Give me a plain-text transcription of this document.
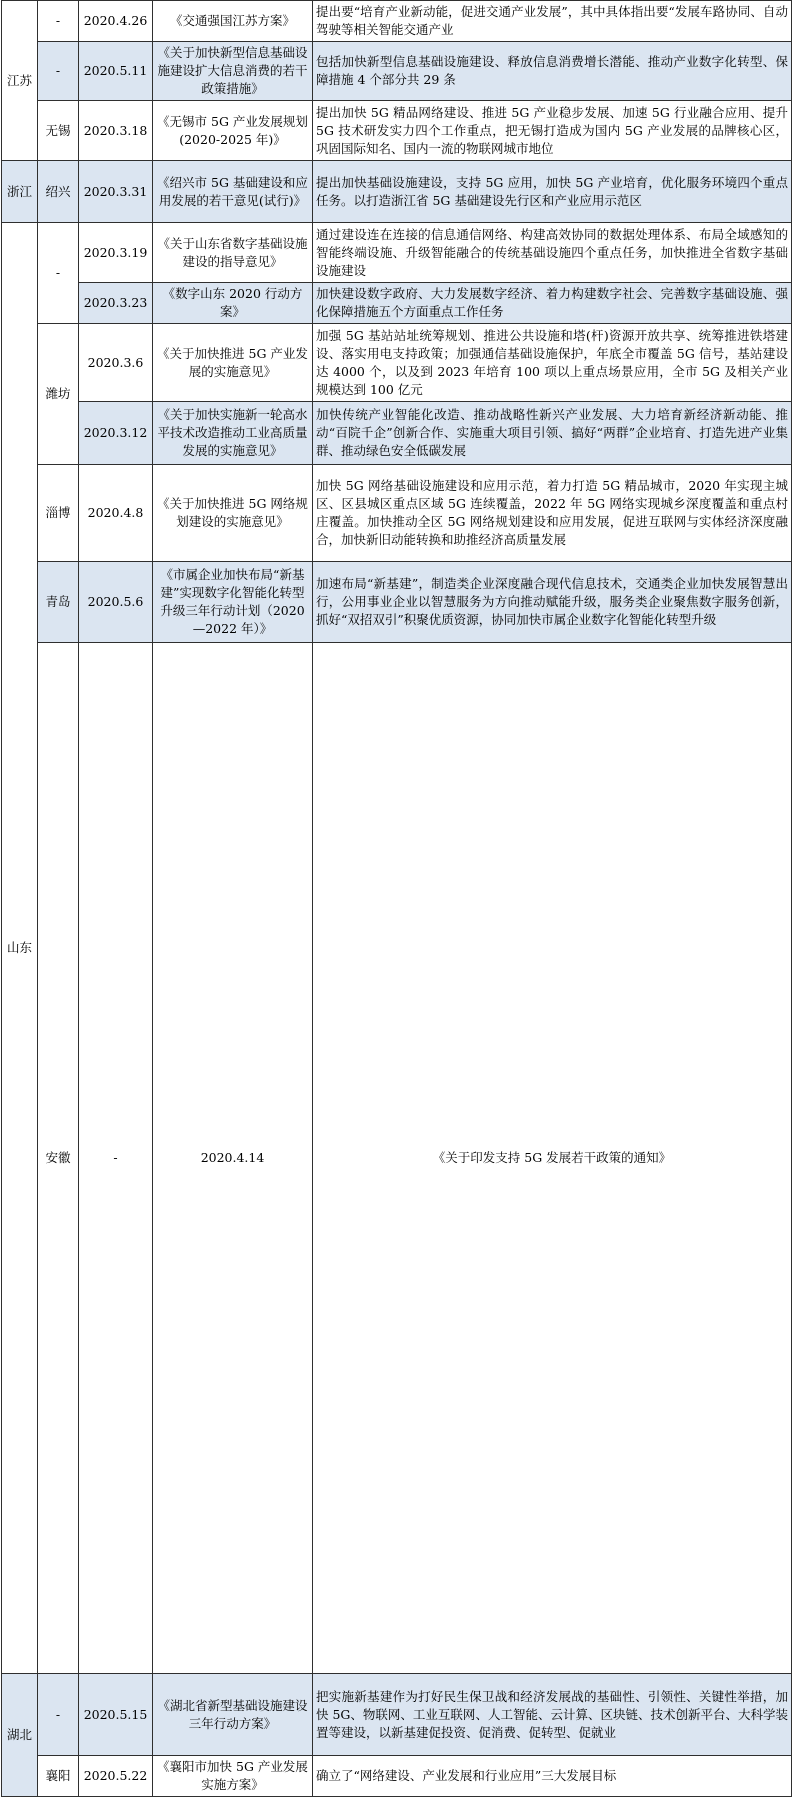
江苏	-	2020.4.26	《交通强国江苏方案》	提出要“培育产业新动能，促进交通产业发展”，其中具体指出要“发展车路协同、自动驾驶等相关智能交通产业	
	-	2020.5.11	《关于加快新型信息基础设施建设扩大信息消费的若干政策措施》	包括加快新型信息基础设施建设、释放信息消费增长潜能、推动产业数字化转型、保障措施 4 个部分共 29 条	
	无锡	2020.3.18	《无锡市 5G 产业发展规划(2020-2025 年)》	提出加快 5G 精品网络建设、推进 5G 产业稳步发展、加速 5G 行业融合应用、提升 5G 技术研发实力四个工作重点，把无锡打造成为国内 5G 产业发展的品牌核心区，巩固国际知名、国内一流的物联网城市地位	
浙江	绍兴	2020.3.31	《绍兴市 5G 基础建设和应用发展的若干意见(试行)》	提出加快基础设施建设，支持 5G 应用，加快 5G 产业培育，优化服务环境四个重点任务。以打造浙江省 5G 基础建设先行区和产业应用示范区	
山东	-	2020.3.19	《关于山东省数字基础设施建设的指导意见》	通过建设连在连接的信息通信网络、构建高效协同的数据处理体系、布局全域感知的智能终端设施、升级智能融合的传统基础设施四个重点任务，加快推进全省数字基础设施建设	
		2020.3.23	《数字山东 2020 行动方案》	加快建设数字政府、大力发展数字经济、着力构建数字社会、完善数字基础设施、强化保障措施五个方面重点工作任务	
	潍坊	2020.3.6	《关于加快推进 5G 产业发展的实施意见》	加强 5G 基站站址统筹规划、推进公共设施和塔(杆)资源开放共享、统筹推进铁塔建设、落实用电支持政策；加强通信基础设施保护，年底全市覆盖 5G 信号，基站建设达 4000 个，以及到 2023 年培育 100 项以上重点场景应用，全市 5G 及相关产业规模达到 100 亿元	
		2020.3.12	《关于加快实施新一轮高水平技术改造推动工业高质量发展的实施意见》	加快传统产业智能化改造、推动战略性新兴产业发展、大力培育新经济新动能、推动“百院千企”创新合作、实施重大项目引领、搞好“两群”企业培育、打造先进产业集群、推动绿色安全低碳发展	
	淄博	2020.4.8	《关于加快推进 5G 网络规划建设的实施意见》	加快 5G 网络基础设施建设和应用示范，着力打造 5G 精品城市，2020 年实现主城区、区县城区重点区域 5G 连续覆盖，2022 年 5G 网络实现城乡深度覆盖和重点村庄覆盖。加快推动全区 5G 网络规划建设和应用发展，促进互联网与实体经济深度融合，加快新旧动能转换和助推经济高质量发展	
	青岛	2020.5.6	《市属企业加快布局“新基建”实现数字化智能化转型升级三年行动计划（2020—2022 年）》	加速布局“新基建”，制造类企业深度融合现代信息技术，交通类企业加快发展智慧出行，公用事业企业以智慧服务为方向推动赋能升级，服务类企业聚焦数字服务创新，抓好“双招双引”积聚优质资源，协同加快市属企业数字化智能化转型升级	
	安徽	-	2020.4.14	《关于印发支持 5G 发展若干政策的通知》	
湖北	-	2020.5.15	《湖北省新型基础设施建设三年行动方案》	把实施新基建作为打好民生保卫战和经济发展战的基础性、引领性、关键性举措，加快 5G、物联网、工业互联网、人工智能、云计算、区块链、技术创新平台、大科学装置等建设，以新基建促投资、促消费、促转型、促就业	
	襄阳	2020.5.22	《襄阳市加快 5G 产业发展实施方案》	确立了“网络建设、产业发展和行业应用”三大发展目标	
